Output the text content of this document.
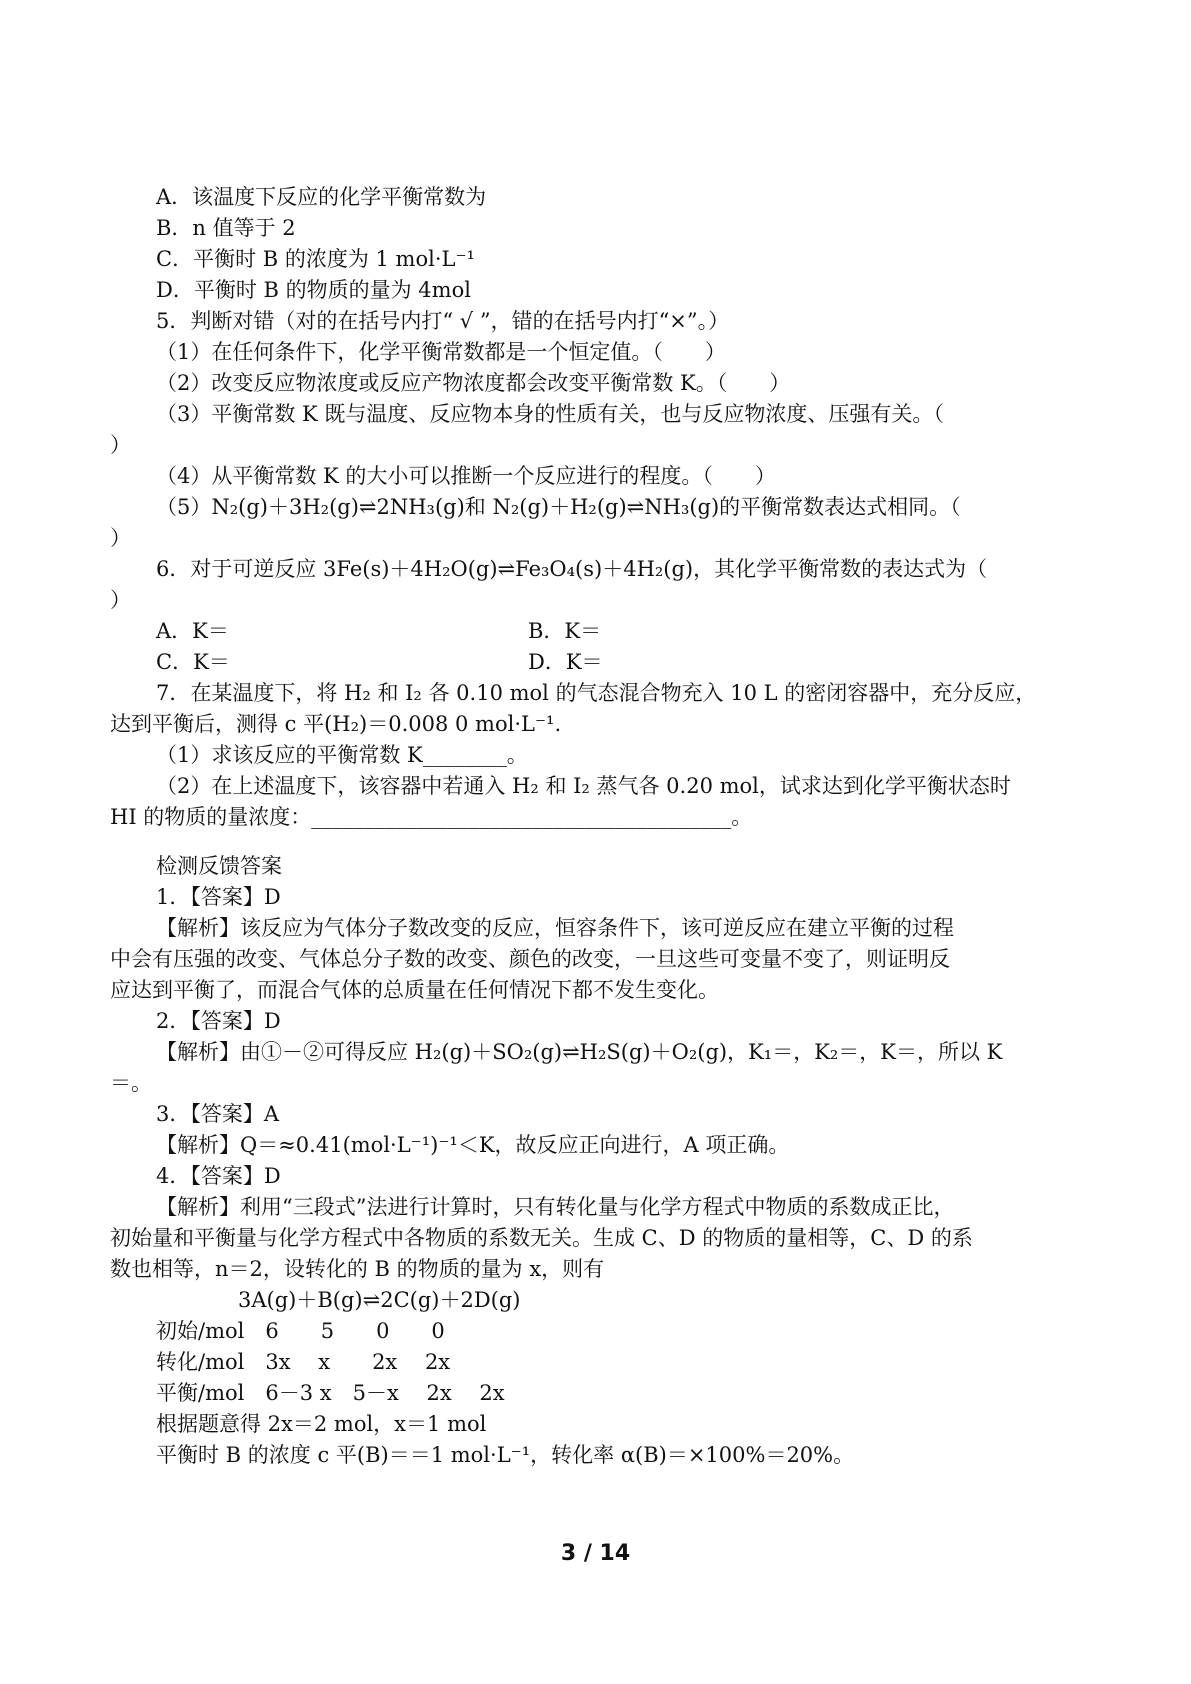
A．该温度下反应的化学平衡常数为
B．n 值等于 2
C．平衡时 B 的浓度为 1 mol·L⁻¹
D．平衡时 B 的物质的量为 4mol
5．判断对错（对的在括号内打“ √ ”，错的在括号内打“×”。）
（1）在任何条件下，化学平衡常数都是一个恒定值。（　　）
（2）改变反应物浓度或反应产物浓度都会改变平衡常数 K。（　　）
（3）平衡常数 K 既与温度、反应物本身的性质有关，也与反应物浓度、压强有关。（
）
（4）从平衡常数 K 的大小可以推断一个反应进行的程度。（　　）
（5）N₂(g)＋3H₂(g)⇌2NH₃(g)和 N₂(g)＋H₂(g)⇌NH₃(g)的平衡常数表达式相同。（
）
6．对于可逆反应 3Fe(s)＋4H₂O(g)⇌Fe₃O₄(s)＋4H₂(g)，其化学平衡常数的表达式为（
）
A．K＝	B．K＝
C．K＝	D．K＝
7．在某温度下，将 H₂ 和 I₂ 各 0.10 mol 的气态混合物充入 10 L 的密闭容器中，充分反应，
达到平衡后，测得 c 平(H₂)＝0.008 0 mol·L⁻¹.
（1）求该反应的平衡常数 K________。
（2）在上述温度下，该容器中若通入 H₂ 和 I₂ 蒸气各 0.20 mol，试求达到化学平衡状态时
HI 的物质的量浓度：________________________________________。
检测反馈答案
1．【答案】D
【解析】该反应为气体分子数改变的反应，恒容条件下，该可逆反应在建立平衡的过程
中会有压强的改变、气体总分子数的改变、颜色的改变，一旦这些可变量不变了，则证明反
应达到平衡了，而混合气体的总质量在任何情况下都不发生变化。
2．【答案】D
【解析】由①－②可得反应 H₂(g)＋SO₂(g)⇌H₂S(g)＋O₂(g)，K₁＝，K₂＝，K＝，所以 K
＝。
3．【答案】A
【解析】Q＝≈0.41(mol·L⁻¹)⁻¹＜K，故反应正向进行，A 项正确。
4．【答案】D
【解析】利用“三段式”法进行计算时，只有转化量与化学方程式中物质的系数成正比，
初始量和平衡量与化学方程式中各物质的系数无关。生成 C、D 的物质的量相等，C、D 的系
数也相等，n＝2，设转化的 B 的物质的量为 x，则有
3A(g)＋B(g)⇌2C(g)＋2D(g)
初始/mol　6　　5　　0　　0
转化/mol　3x　 x　　2x　 2x
平衡/mol　6－3 x　5－x　 2x　 2x
根据题意得 2x＝2 mol，x＝1 mol
平衡时 B 的浓度 c 平(B)＝＝1 mol·L⁻¹，转化率 α(B)＝×100%＝20%。
3 / 14
